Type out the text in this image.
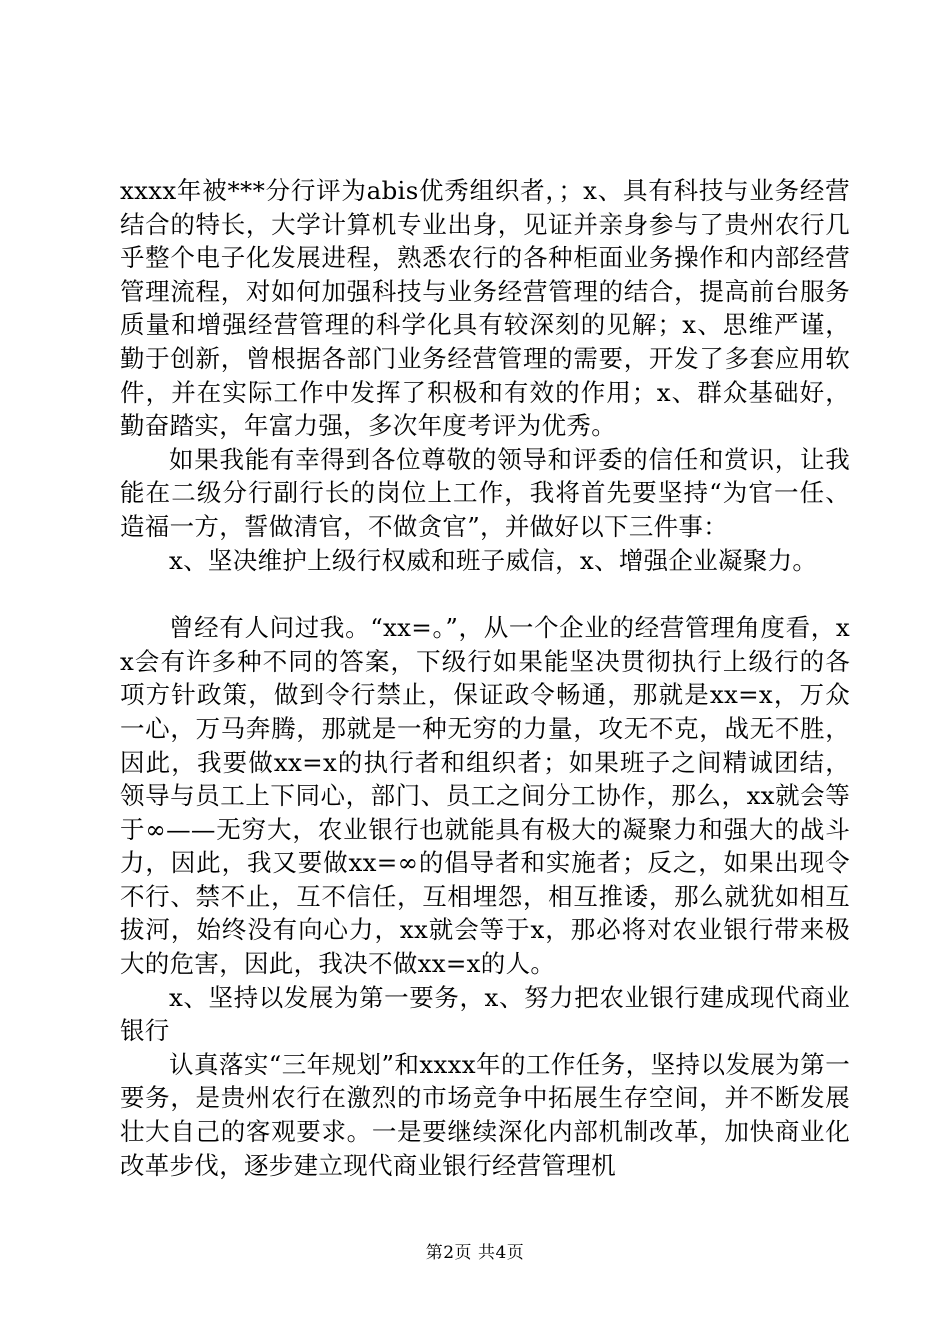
xxxx年被***分行评为abis优秀组织者，；x、具有科技与业务经营结合的特长，大学计算机专业出身，见证并亲身参与了贵州农行几乎整个电子化发展进程，熟悉农行的各种柜面业务操作和内部经营管理流程，对如何加强科技与业务经营管理的结合，提高前台服务质量和增强经营管理的科学化具有较深刻的见解；x、思维严谨，勤于创新，曾根据各部门业务经营管理的需要，开发了多套应用软件，并在实际工作中发挥了积极和有效的作用；x、群众基础好，勤奋踏实，年富力强，多次年度考评为优秀。

如果我能有幸得到各位尊敬的领导和评委的信任和赏识，让我能在二级分行副行长的岗位上工作，我将首先要坚持“为官一任、造福一方，誓做清官，不做贪官”，并做好以下三件事：

x、坚决维护上级行权威和班子威信，x、增强企业凝聚力。

曾经有人问过我。“xx=。”，从一个企业的经营管理角度看，xx会有许多种不同的答案，下级行如果能坚决贯彻执行上级行的各项方针政策，做到令行禁止，保证政令畅通，那就是xx=x，万众一心，万马奔腾，那就是一种无穷的力量，攻无不克，战无不胜，因此，我要做xx=x的执行者和组织者；如果班子之间精诚团结，领导与员工上下同心，部门、员工之间分工协作，那么，xx就会等于∞——无穷大，农业银行也就能具有极大的凝聚力和强大的战斗力，因此，我又要做xx=∞的倡导者和实施者；反之，如果出现令不行、禁不止，互不信任，互相埋怨，相互推诿，那么就犹如相互拔河，始终没有向心力，xx就会等于x，那必将对农业银行带来极大的危害，因此，我决不做xx=x的人。

x、坚持以发展为第一要务，x、努力把农业银行建成现代商业银行

认真落实“三年规划”和xxxx年的工作任务，坚持以发展为第一要务，是贵州农行在激烈的市场竞争中拓展生存空间，并不断发展壮大自己的客观要求。一是要继续深化内部机制改革，加快商业化改革步伐，逐步建立现代商业银行经营管理机

第2页 共4页
